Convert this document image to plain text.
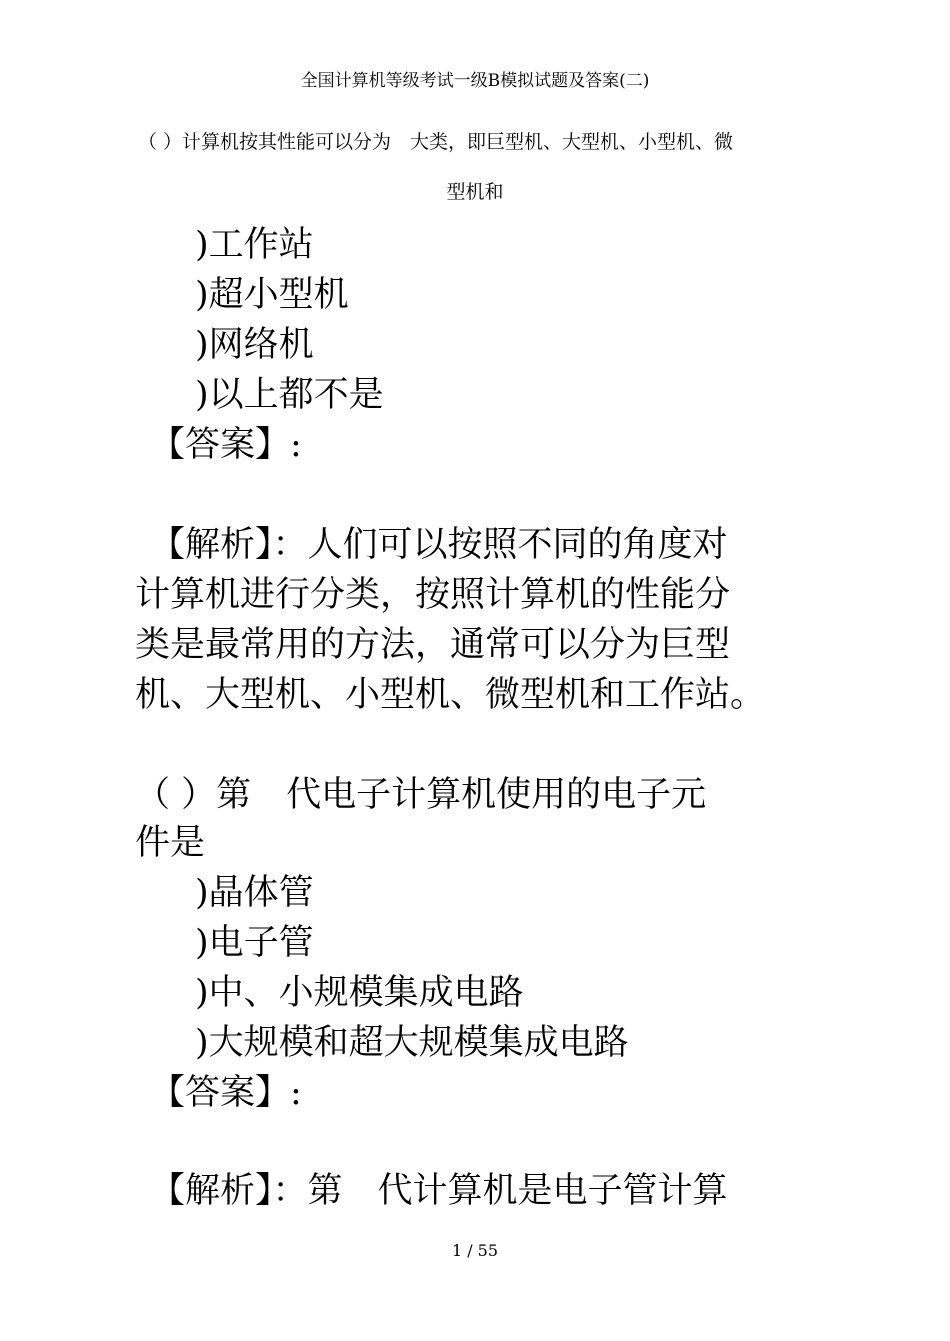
全国计算机等级考试一级B模拟试题及答案(二)
（ ）计算机按其性能可以分为　大类，即巨型机、大型机、小型机、微
型机和
)工作站
)超小型机
)网络机
)以上都不是
【答案】:
【解析】：人们可以按照不同的角度对
计算机进行分类，按照计算机的性能分
类是最常用的方法，通常可以分为巨型
机、大型机、小型机、微型机和工作站。
（ ）第　代电子计算机使用的电子元
件是
)晶体管
)电子管
)中、小规模集成电路
)大规模和超大规模集成电路
【答案】:
【解析】：第　代计算机是电子管计算
1 / 55
